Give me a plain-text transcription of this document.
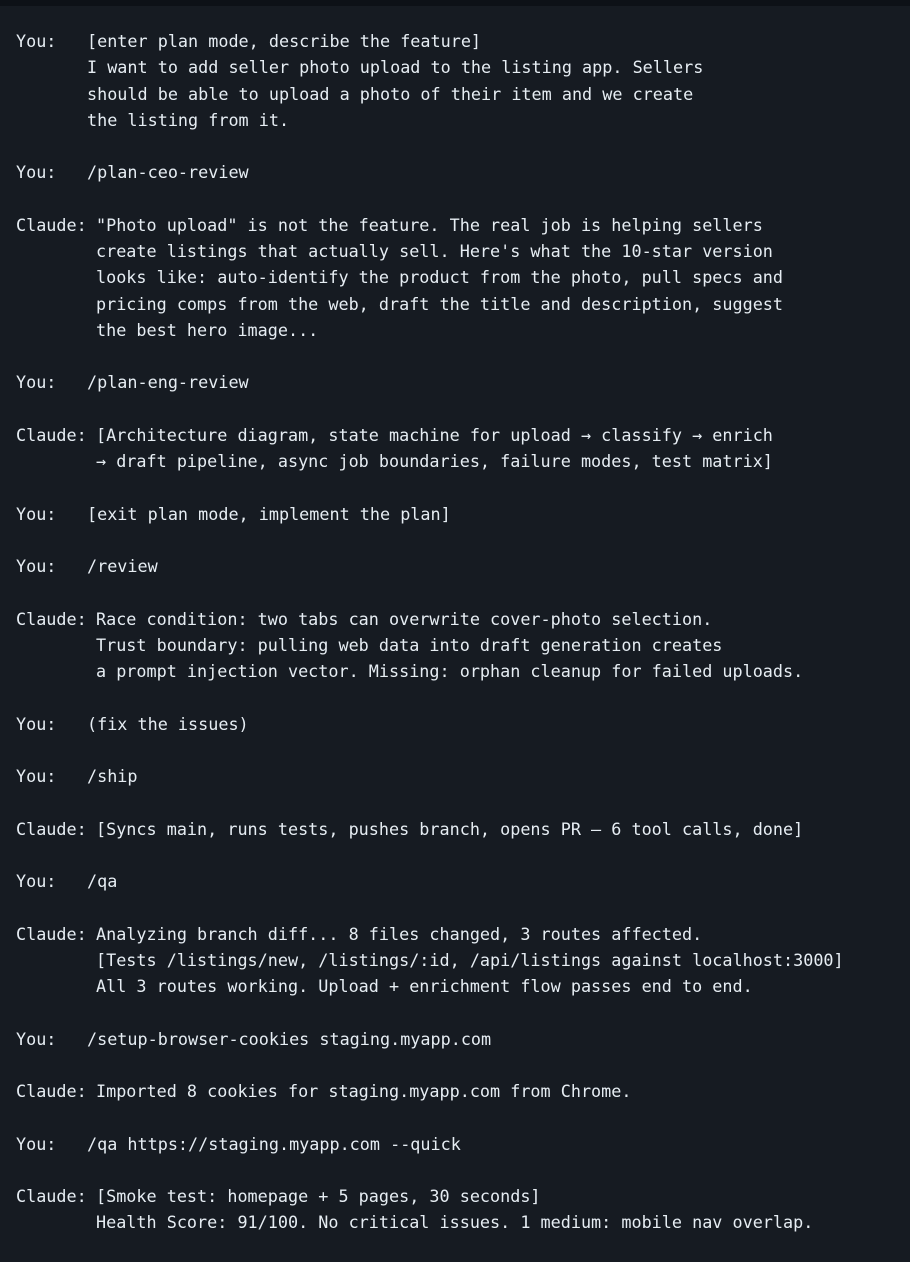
You: [enter plan mode, describe the feature]
I want to add seller photo upload to the listing app. Sellers
should be able to upload a photo of their item and we create
the listing from it.
You: /plan-ceo-review
Claude: "Photo upload" is not the feature. The real job is helping sellers
create listings that actually sell. Here's what the 10-star version
looks like: auto-identify the product from the photo, pull specs and
pricing comps from the web, draft the title and description, suggest
the best hero image...
You: /plan-eng-review
Claude: [Architecture diagram, state machine for upload → classify → enrich
→ draft pipeline, async job boundaries, failure modes, test matrix]
You: [exit plan mode, implement the plan]
You: /review
Claude: Race condition: two tabs can overwrite cover-photo selection.
Trust boundary: pulling web data into draft generation creates
a prompt injection vector. Missing: orphan cleanup for failed uploads.
You: (fix the issues)
You: /ship
Claude: [Syncs main, runs tests, pushes branch, opens PR — 6 tool calls, done]
You: /qa
Claude: Analyzing branch diff... 8 files changed, 3 routes affected.
[Tests /listings/new, /listings/:id, /api/listings against localhost:3000]
All 3 routes working. Upload + enrichment flow passes end to end.
You: /setup-browser-cookies staging.myapp.com
Claude: Imported 8 cookies for staging.myapp.com from Chrome.
You: /qa https://staging.myapp.com --quick
Claude: [Smoke test: homepage + 5 pages, 30 seconds]
Health Score: 91/100. No critical issues. 1 medium: mobile nav overlap.
